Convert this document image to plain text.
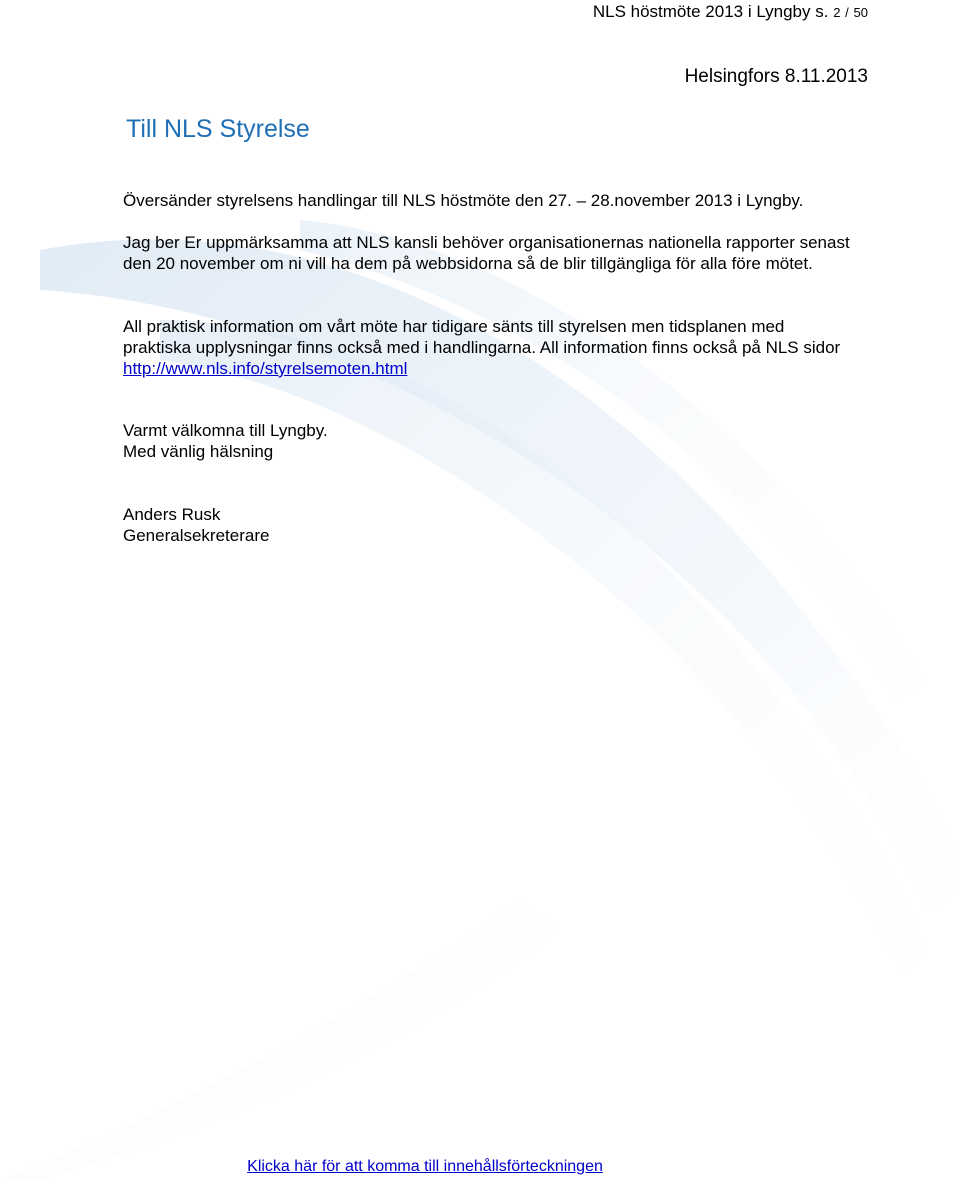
NLS höstmöte 2013 i Lyngby s. 2 / 50
Helsingfors 8.11.2013
Till NLS Styrelse

Översänder styrelsens handlingar till NLS höstmöte den 27. – 28.november 2013 i Lyngby.

Jag ber Er uppmärksamma att NLS kansli behöver organisationernas nationella rapporter senast den 20 november om ni vill ha dem på webbsidorna så de blir tillgängliga för alla före mötet.

All praktisk information om vårt möte har tidigare sänts till styrelsen men tidsplanen med praktiska upplysningar finns också med i handlingarna. All information finns också på NLS sidor http://www.nls.info/styrelsemoten.html

Varmt välkomna till Lyngby.

Med vänlig hälsning

Anders Rusk

Generalsekreterare

Klicka här för att komma till innehållsförteckningen
